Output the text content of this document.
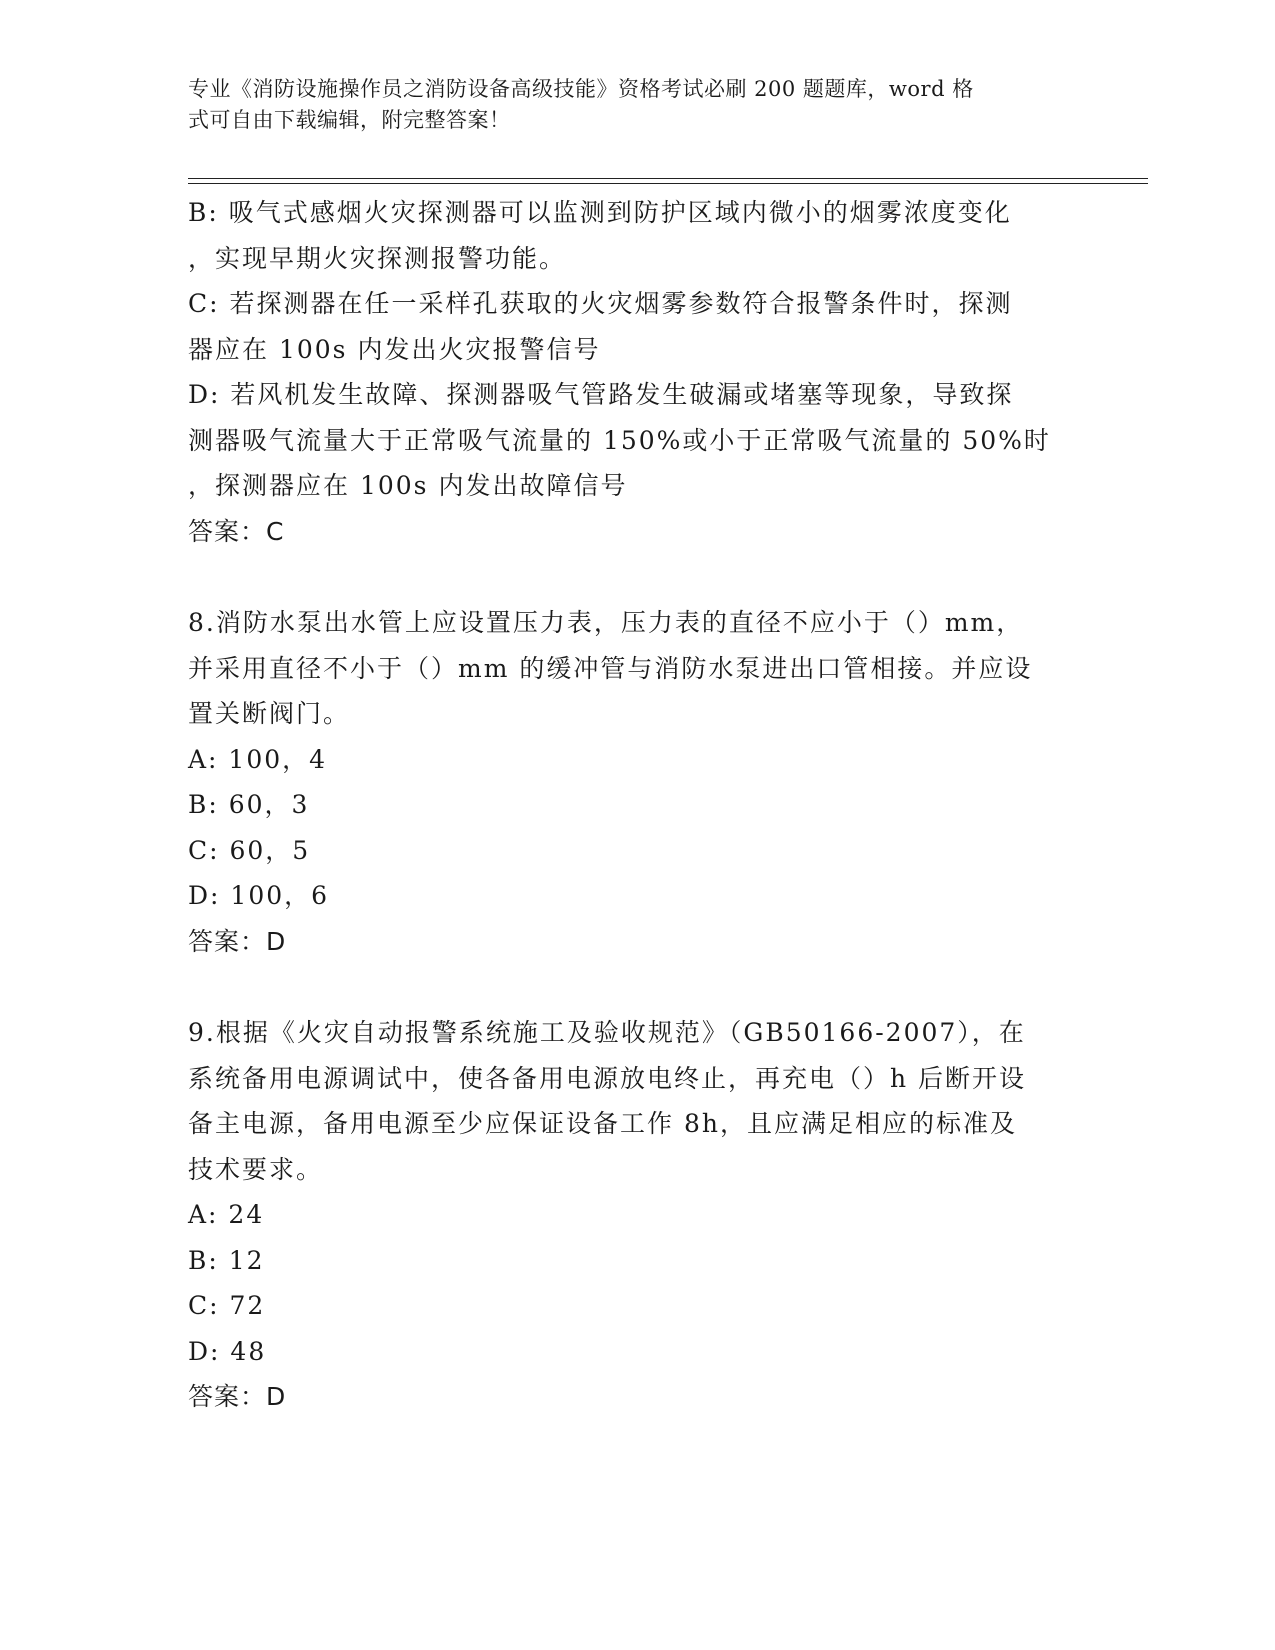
专业《消防设施操作员之消防设备高级技能》资格考试必刷 200 题题库，word 格
式可自由下载编辑，附完整答案！
B: 吸气式感烟火灾探测器可以监测到防护区域内微小的烟雾浓度变化
，实现早期火灾探测报警功能。
C: 若探测器在任一采样孔获取的火灾烟雾参数符合报警条件时，探测
器应在 100s 内发出火灾报警信号
D: 若风机发生故障、探测器吸气管路发生破漏或堵塞等现象，导致探
测器吸气流量大于正常吸气流量的 150%或小于正常吸气流量的 50%时
，探测器应在 100s 内发出故障信号
答案：C
8.消防水泵出水管上应设置压力表，压力表的直径不应小于（）mm，
并采用直径不小于（）mm 的缓冲管与消防水泵进出口管相接。并应设
置关断阀门。
A: 100，4
B: 60，3
C: 60，5
D: 100，6
答案：D
9.根据《火灾自动报警系统施工及验收规范》（GB50166-2007），在
系统备用电源调试中，使各备用电源放电终止，再充电（）h 后断开设
备主电源，备用电源至少应保证设备工作 8h，且应满足相应的标准及
技术要求。
A: 24
B: 12
C: 72
D: 48
答案：D
